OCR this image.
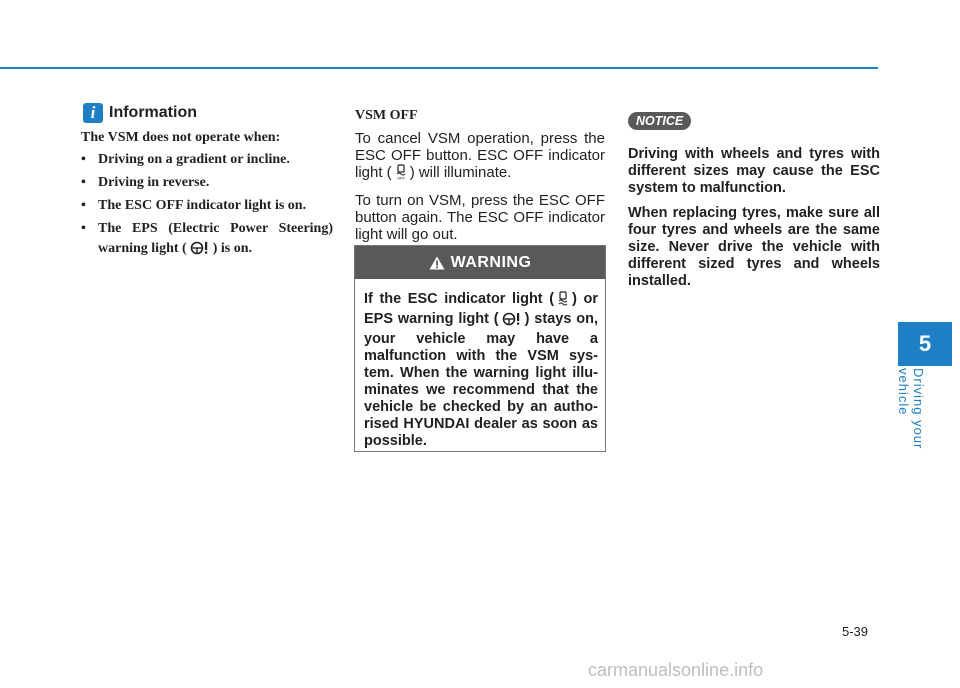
i Information

The VSM does not operate when:

• Driving on a gradient or incline.
• Driving in reverse.
• The ESC OFF indicator light is on.
• The EPS (Electric Power Steering) warning light ( ) is on.
VSM OFF

To cancel VSM operation, press the ESC OFF button. ESC OFF indicator light ( OFF ) will illuminate.

To turn on VSM, press the ESC OFF button again. The ESC OFF indicator light will go out.

WARNING
If the ESC indicator light ( ) or EPS warning light ( ) stays on, your vehicle may have a malfunction with the VSM sys-tem. When the warning light illu-minates we recommend that the vehicle be checked by an autho-rised HYUNDAI dealer as soon as possible.
NOTICE

Driving with wheels and tyres with different sizes may cause the ESC system to malfunction.

When replacing tyres, make sure all four tyres and wheels are the same size. Never drive the vehicle with different sized tyres and wheels installed.

5
Driving your vehicle
5-39
carmanualsonline.info
